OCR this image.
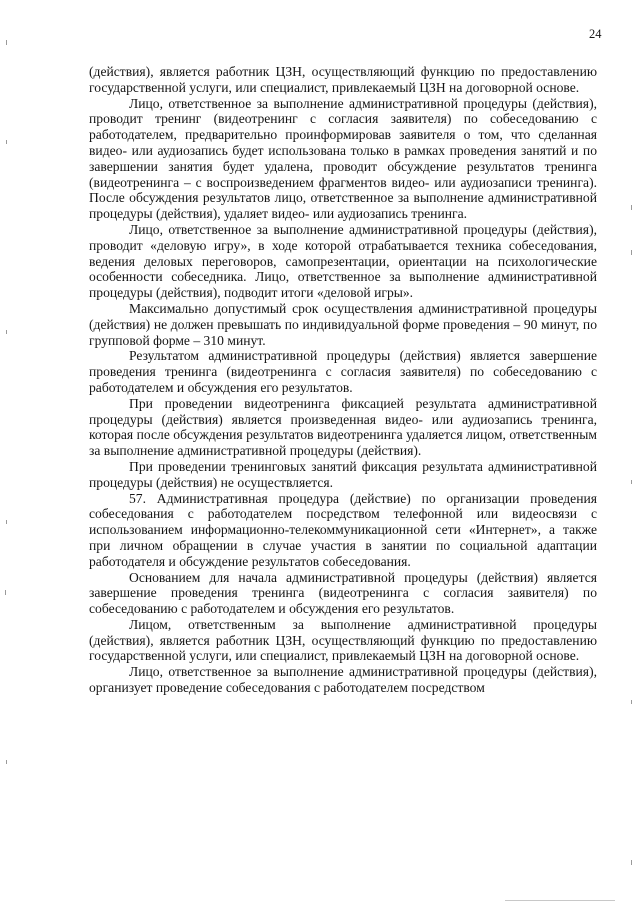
24

(действия), является работник ЦЗН, осуществляющий функцию по предоставлению государственной услуги, или специалист, привлекаемый ЦЗН на договорной основе.

Лицо, ответственное за выполнение административной процедуры (действия), проводит тренинг (видеотренинг с согласия заявителя) по собеседованию с работодателем, предварительно проинформировав заявителя о том, что сделанная видео- или аудиозапись будет использована только в рамках проведения занятий и по завершении занятия будет удалена, проводит обсуждение результатов тренинга (видеотренинга – с воспроизведением фрагментов видео- или аудиозаписи тренинга). После обсуждения результатов лицо, ответственное за выполнение административной процедуры (действия), удаляет видео- или аудиозапись тренинга.

Лицо, ответственное за выполнение административной процедуры (действия), проводит «деловую игру», в ходе которой отрабатывается техника собеседования, ведения деловых переговоров, самопрезентации, ориентации на психологические особенности собеседника. Лицо, ответственное за выполнение административной процедуры (действия), подводит итоги «деловой игры».

Максимально допустимый срок осуществления административной процедуры (действия) не должен превышать по индивидуальной форме проведения – 90 минут, по групповой форме – 310 минут.

Результатом административной процедуры (действия) является завершение проведения тренинга (видеотренинга с согласия заявителя) по собеседованию с работодателем и обсуждения его результатов.

При проведении видеотренинга фиксацией результата административной процедуры (действия) является произведенная видео- или аудиозапись тренинга, которая после обсуждения результатов видеотренинга удаляется лицом, ответственным за выполнение административной процедуры (действия).

При проведении тренинговых занятий фиксация результата административной процедуры (действия) не осуществляется.

57. Административная процедура (действие) по организации проведения собеседования с работодателем посредством телефонной или видеосвязи с использованием информационно-телекоммуникационной сети «Интернет», а также при личном обращении в случае участия в занятии по социальной адаптации работодателя и обсуждение результатов собеседования.

Основанием для начала административной процедуры (действия) является завершение проведения тренинга (видеотренинга с согласия заявителя) по собеседованию с работодателем и обсуждения его результатов.

Лицом, ответственным за выполнение административной процедуры (действия), является работник ЦЗН, осуществляющий функцию по предоставлению государственной услуги, или специалист, привлекаемый ЦЗН на договорной основе.

Лицо, ответственное за выполнение административной процедуры (действия), организует проведение собеседования с работодателем посредством
